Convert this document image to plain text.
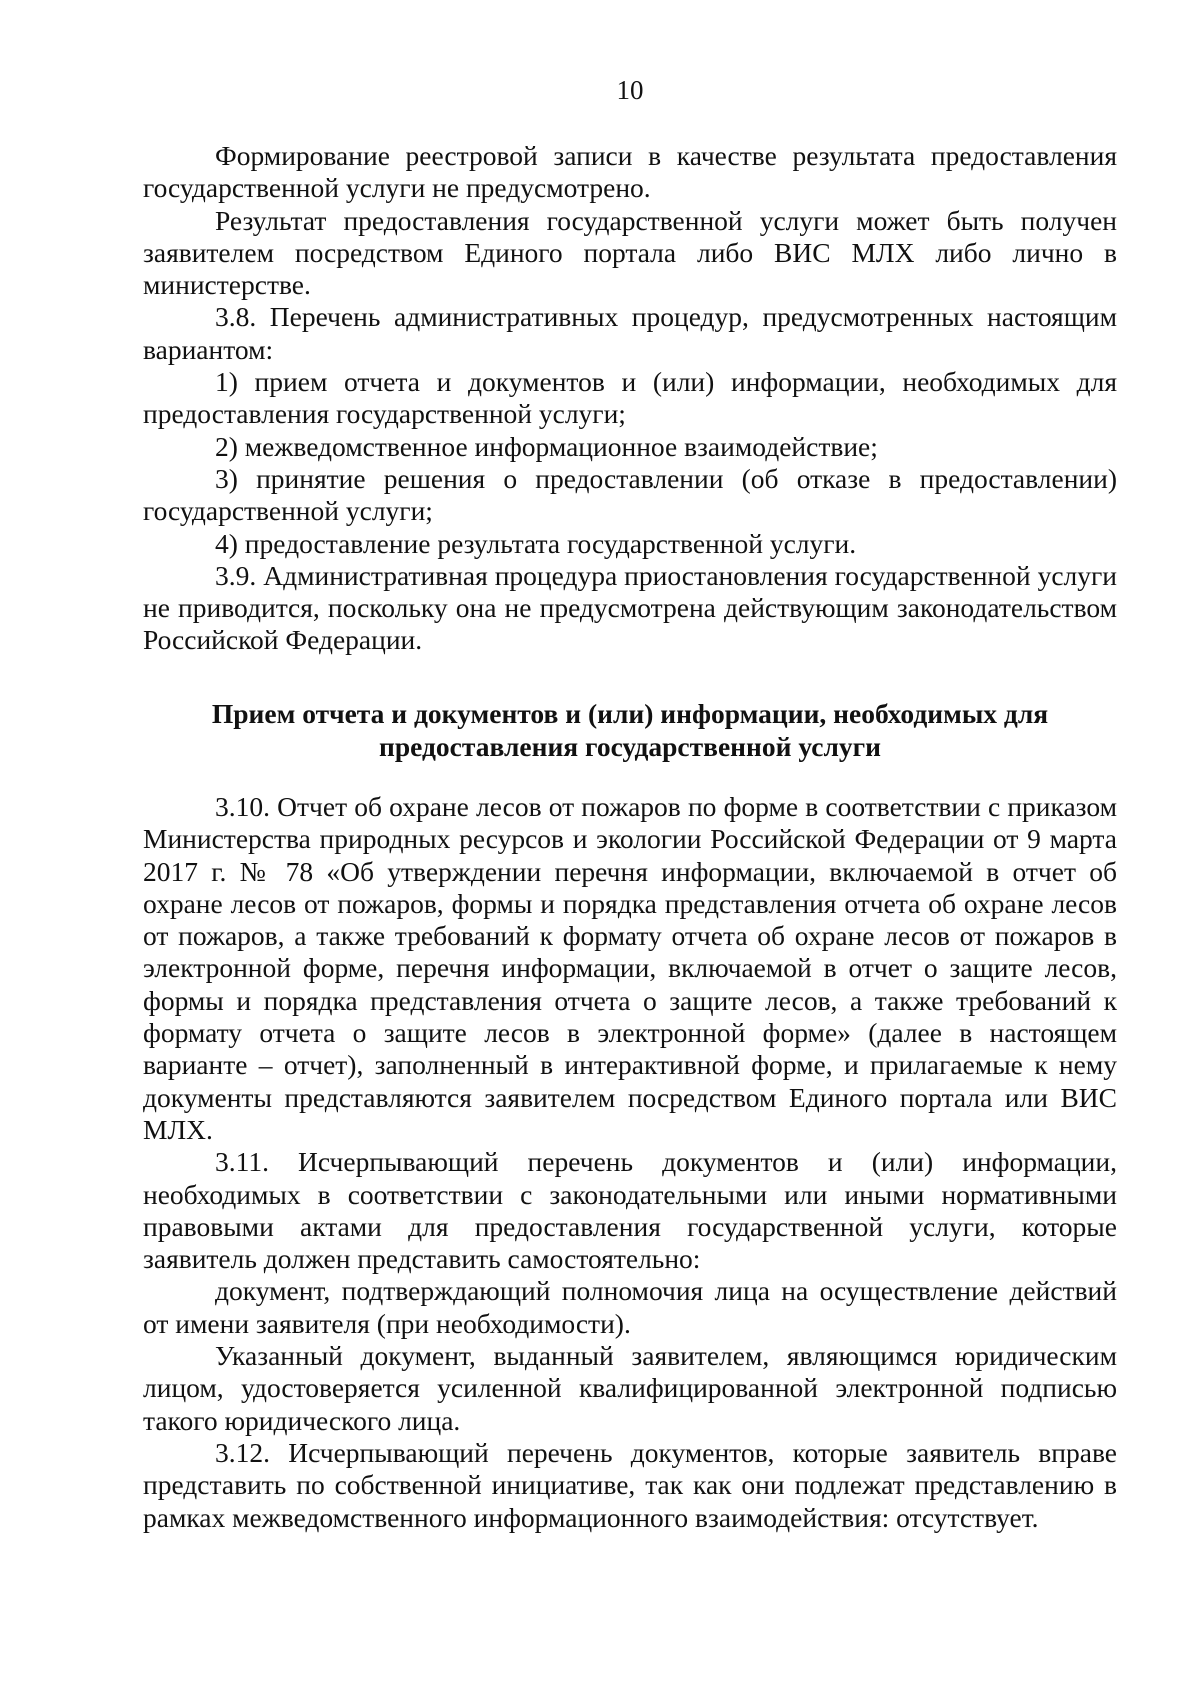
10

Формирование реестровой записи в качестве результата предоставления государственной услуги не предусмотрено.

Результат предоставления государственной услуги может быть получен заявителем посредством Единого портала либо ВИС МЛХ либо лично в министерстве.

3.8. Перечень административных процедур, предусмотренных настоящим вариантом:

1) прием отчета и документов и (или) информации, необходимых для предоставления государственной услуги;

2) межведомственное информационное взаимодействие;

3) принятие решения о предоставлении (об отказе в предоставлении) государственной услуги;

4) предоставление результата государственной услуги.

3.9. Административная процедура приостановления государственной услуги не приводится, поскольку она не предусмотрена действующим законодательством Российской Федерации.

Прием отчета и документов и (или) информации, необходимых для предоставления государственной услуги

3.10. Отчет об охране лесов от пожаров по форме в соответствии с приказом Министерства природных ресурсов и экологии Российской Федерации от 9 марта 2017 г. № 78 «Об утверждении перечня информации, включаемой в отчет об охране лесов от пожаров, формы и порядка представления отчета об охране лесов от пожаров, а также требований к формату отчета об охране лесов от пожаров в электронной форме, перечня информации, включаемой в отчет о защите лесов, формы и порядка представления отчета о защите лесов, а также требований к формату отчета о защите лесов в электронной форме» (далее в настоящем варианте – отчет), заполненный в интерактивной форме, и прилагаемые к нему документы представляются заявителем посредством Единого портала или ВИС МЛХ.

3.11. Исчерпывающий перечень документов и (или) информации, необходимых в соответствии с законодательными или иными нормативными правовыми актами для предоставления государственной услуги, которые заявитель должен представить самостоятельно:

документ, подтверждающий полномочия лица на осуществление действий от имени заявителя (при необходимости).

Указанный документ, выданный заявителем, являющимся юридическим лицом, удостоверяется усиленной квалифицированной электронной подписью такого юридического лица.

3.12. Исчерпывающий перечень документов, которые заявитель вправе представить по собственной инициативе, так как они подлежат представлению в рамках межведомственного информационного взаимодействия: отсутствует.
